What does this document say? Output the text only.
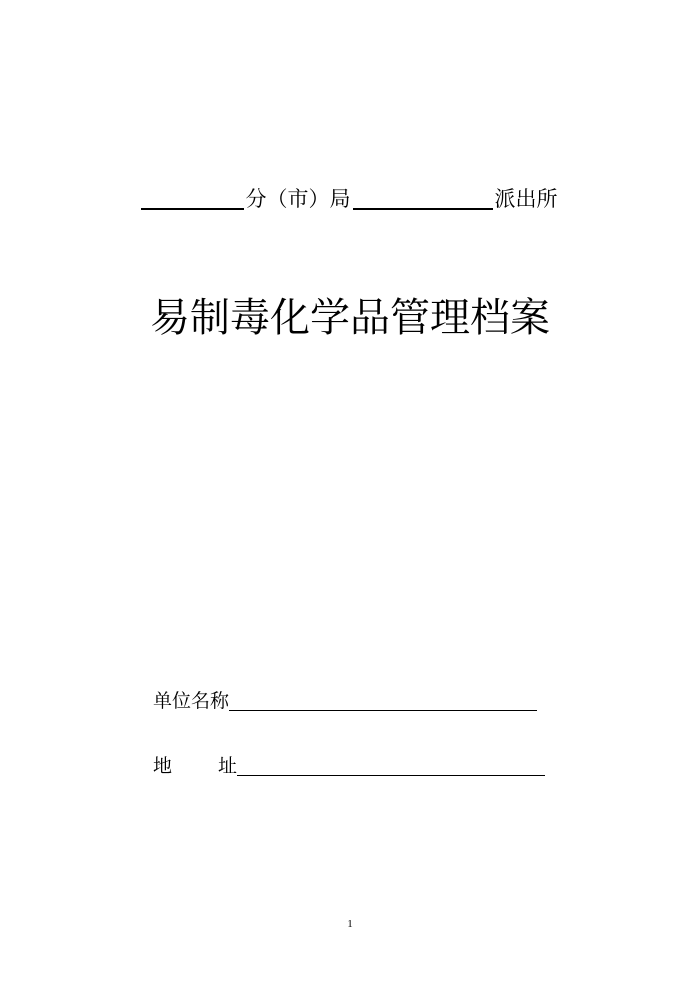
分（市）局	派出所
易制毒化学品管理档案
单位名称
地 址
1
